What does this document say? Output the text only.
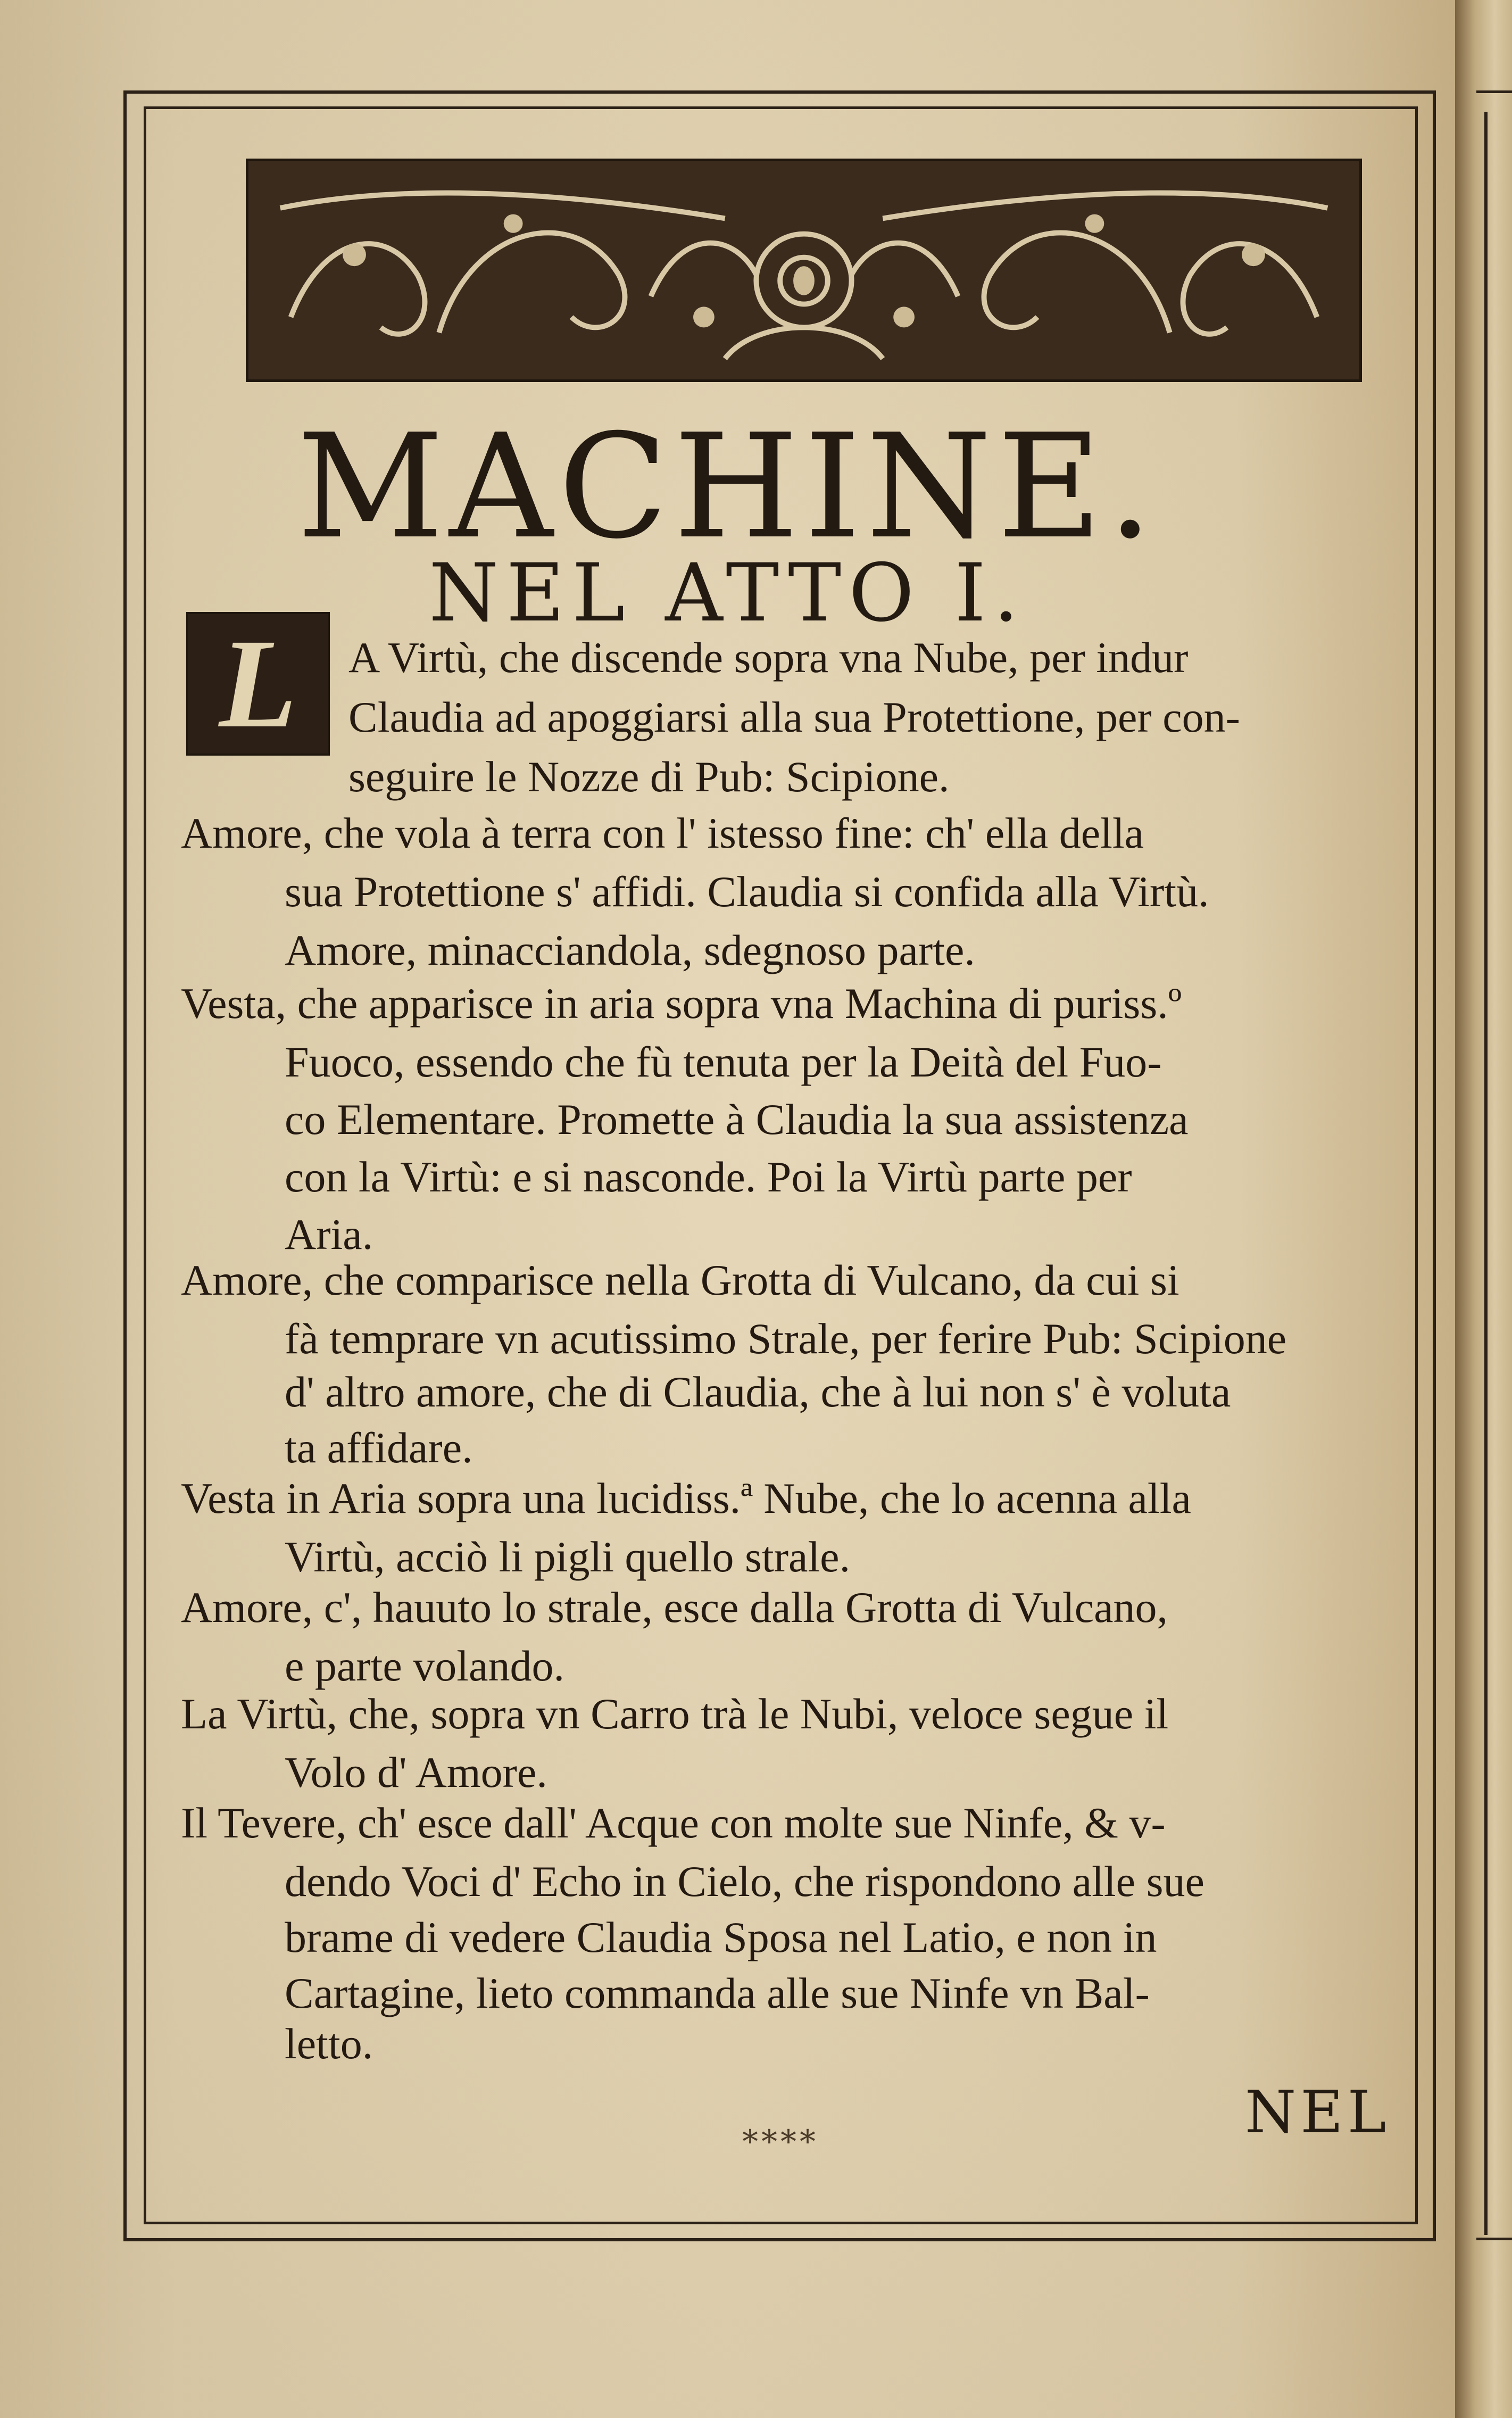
MACHINE.
NEL ATTO I.
L	A Virtù, che discende sopra vna Nube, per indur
Claudia ad apoggiarsi alla sua Protettione, per con-
seguire le Nozze di Pub: Scipione.
Amore, che vola à terra con l' istesso fine: ch' ella della
sua Protettione s' affidi. Claudia si confida alla Virtù.
Amore, minacciandola, sdegnoso parte.
Vesta, che apparisce in aria sopra vna Machina di puriss.º
Fuoco, essendo che fù tenuta per la Deità del Fuo-
co Elementare. Promette à Claudia la sua assistenza
con la Virtù: e si nasconde. Poi la Virtù parte per
Aria.
Amore, che comparisce nella Grotta di Vulcano, da cui si
fà temprare vn acutissimo Strale, per ferire Pub: Scipione
d' altro amore, che di Claudia, che à lui non s' è voluta
ta affidare.
Vesta in Aria sopra una lucidiss.ª Nube, che lo acenna alla
Virtù, acciò li pigli quello strale.
Amore, c', hauuto lo strale, esce dalla Grotta di Vulcano,
e parte volando.
La Virtù, che, sopra vn Carro trà le Nubi, veloce segue il
Volo d' Amore.
Il Tevere, ch' esce dall' Acque con molte sue Ninfe, & v-
dendo Voci d' Echo in Cielo, che rispondono alle sue
brame di vedere Claudia Sposa nel Latio, e non in
Cartagine, lieto commanda alle sue Ninfe vn Bal-
letto.
NEL
****
